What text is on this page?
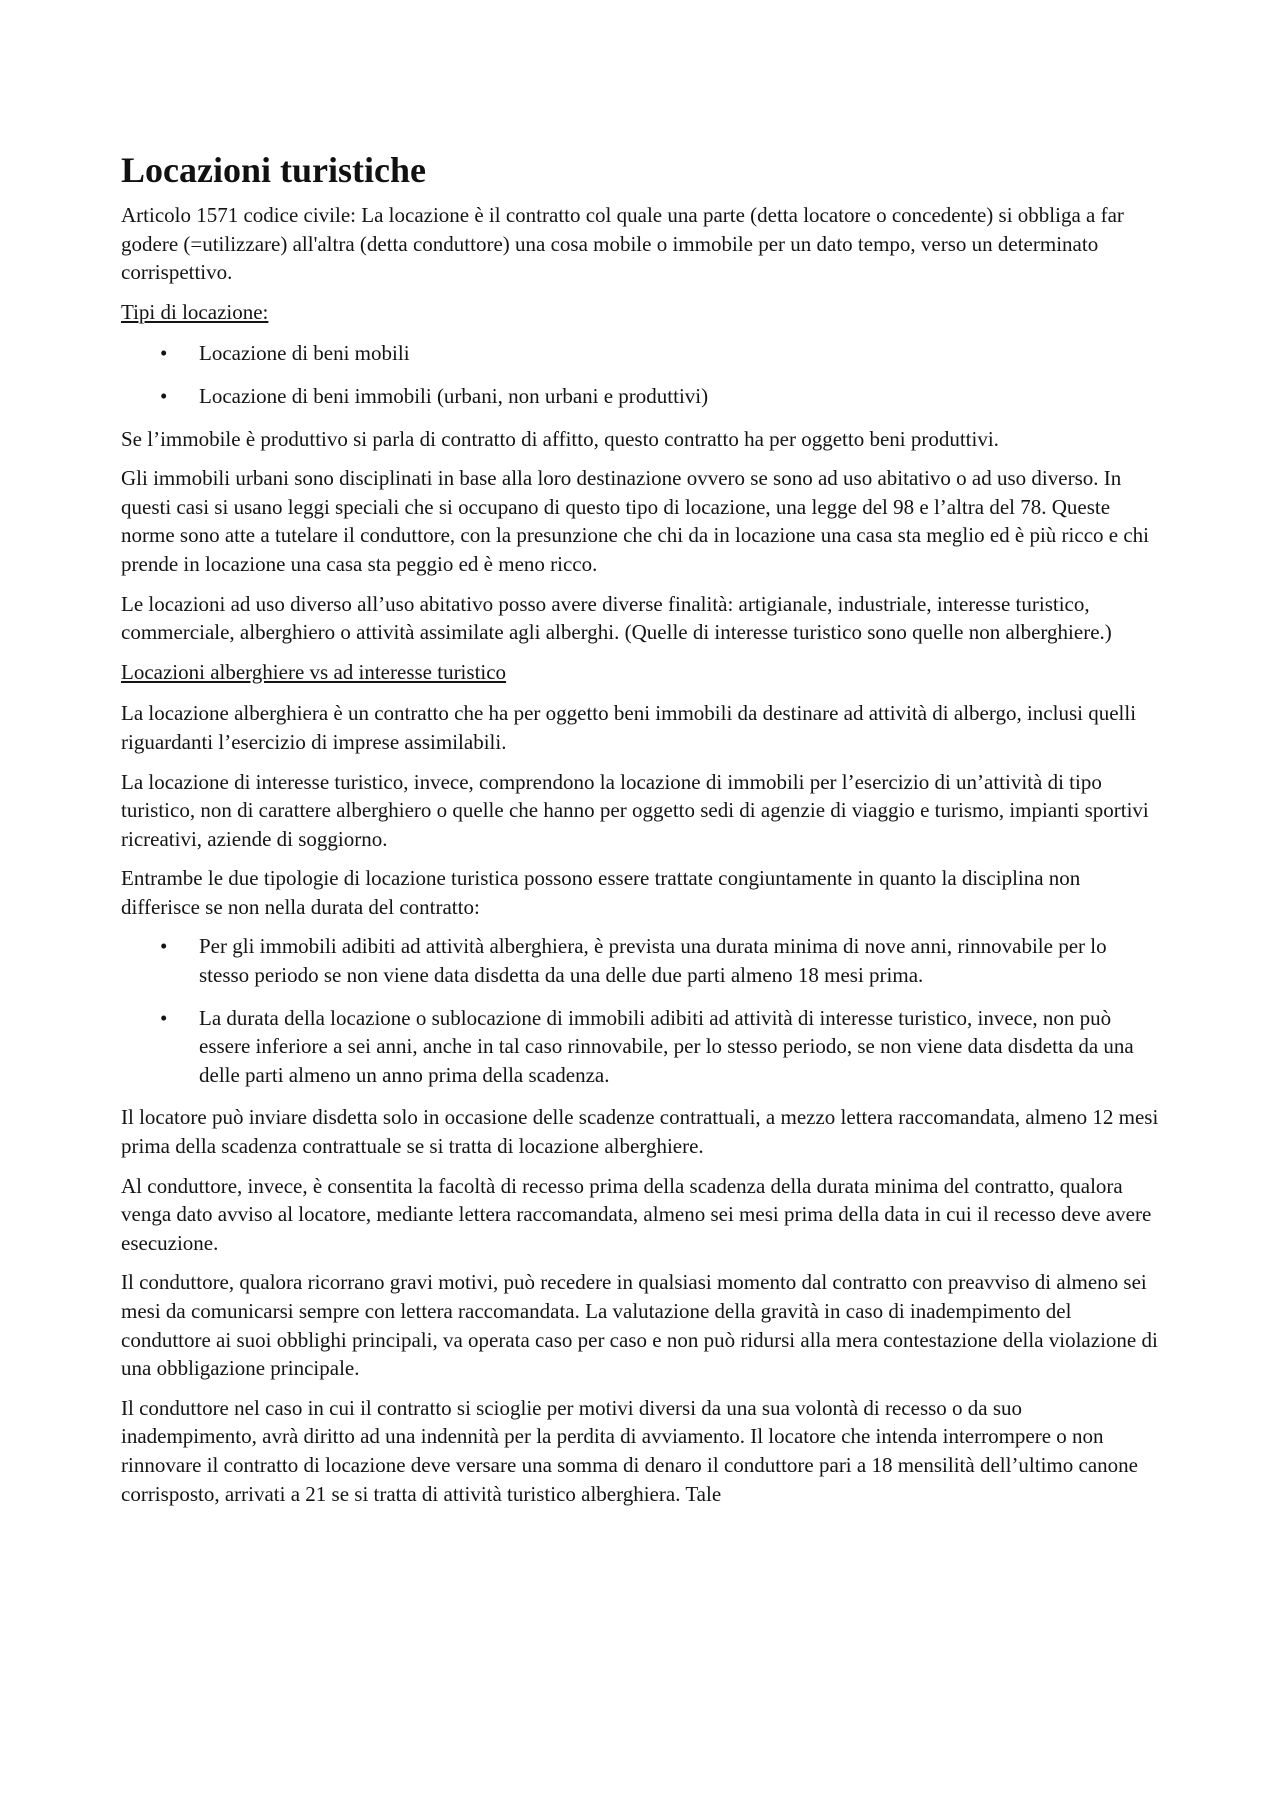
Locazioni turistiche

Articolo 1571 codice civile: La locazione è il contratto col quale una parte (detta locatore o concedente) si obbliga a far godere (=utilizzare) all'altra (detta conduttore) una cosa mobile o immobile per un dato tempo, verso un determinato corrispettivo.

Tipi di locazione:

• Locazione di beni mobili
• Locazione di beni immobili (urbani, non urbani e produttivi)

Se l’immobile è produttivo si parla di contratto di affitto, questo contratto ha per oggetto beni produttivi.

Gli immobili urbani sono disciplinati in base alla loro destinazione ovvero se sono ad uso abitativo o ad uso diverso. In questi casi si usano leggi speciali che si occupano di questo tipo di locazione, una legge del 98 e l’altra del 78. Queste norme sono atte a tutelare il conduttore, con la presunzione che chi da in locazione una casa sta meglio ed è più ricco e chi prende in locazione una casa sta peggio ed è meno ricco.

Le locazioni ad uso diverso all’uso abitativo posso avere diverse finalità: artigianale, industriale, interesse turistico, commerciale, alberghiero o attività assimilate agli alberghi. (Quelle di interesse turistico sono quelle non alberghiere.)

Locazioni alberghiere vs ad interesse turistico

La locazione alberghiera è un contratto che ha per oggetto beni immobili da destinare ad attività di albergo, inclusi quelli riguardanti l’esercizio di imprese assimilabili.

La locazione di interesse turistico, invece, comprendono la locazione di immobili per l’esercizio di un’attività di tipo turistico, non di carattere alberghiero o quelle che hanno per oggetto sedi di agenzie di viaggio e turismo, impianti sportivi ricreativi, aziende di soggiorno.

Entrambe le due tipologie di locazione turistica possono essere trattate congiuntamente in quanto la disciplina non differisce se non nella durata del contratto:

• Per gli immobili adibiti ad attività alberghiera, è prevista una durata minima di nove anni, rinnovabile per lo stesso periodo se non viene data disdetta da una delle due parti almeno 18 mesi prima.
• La durata della locazione o sublocazione di immobili adibiti ad attività di interesse turistico, invece, non può essere inferiore a sei anni, anche in tal caso rinnovabile, per lo stesso periodo, se non viene data disdetta da una delle parti almeno un anno prima della scadenza.

Il locatore può inviare disdetta solo in occasione delle scadenze contrattuali, a mezzo lettera raccomandata, almeno 12 mesi prima della scadenza contrattuale se si tratta di locazione alberghiere.

Al conduttore, invece, è consentita la facoltà di recesso prima della scadenza della durata minima del contratto, qualora venga dato avviso al locatore, mediante lettera raccomandata, almeno sei mesi prima della data in cui il recesso deve avere esecuzione.

Il conduttore, qualora ricorrano gravi motivi, può recedere in qualsiasi momento dal contratto con preavviso di almeno sei mesi da comunicarsi sempre con lettera raccomandata. La valutazione della gravità in caso di inadempimento del conduttore ai suoi obblighi principali, va operata caso per caso e non può ridursi alla mera contestazione della violazione di una obbligazione principale.

Il conduttore nel caso in cui il contratto si scioglie per motivi diversi da una sua volontà di recesso o da suo inadempimento, avrà diritto ad una indennità per la perdita di avviamento. Il locatore che intenda interrompere o non rinnovare il contratto di locazione deve versare una somma di denaro il conduttore pari a 18 mensilità dell’ultimo canone corrisposto, arrivati a 21 se si tratta di attività turistico alberghiera. Tale
